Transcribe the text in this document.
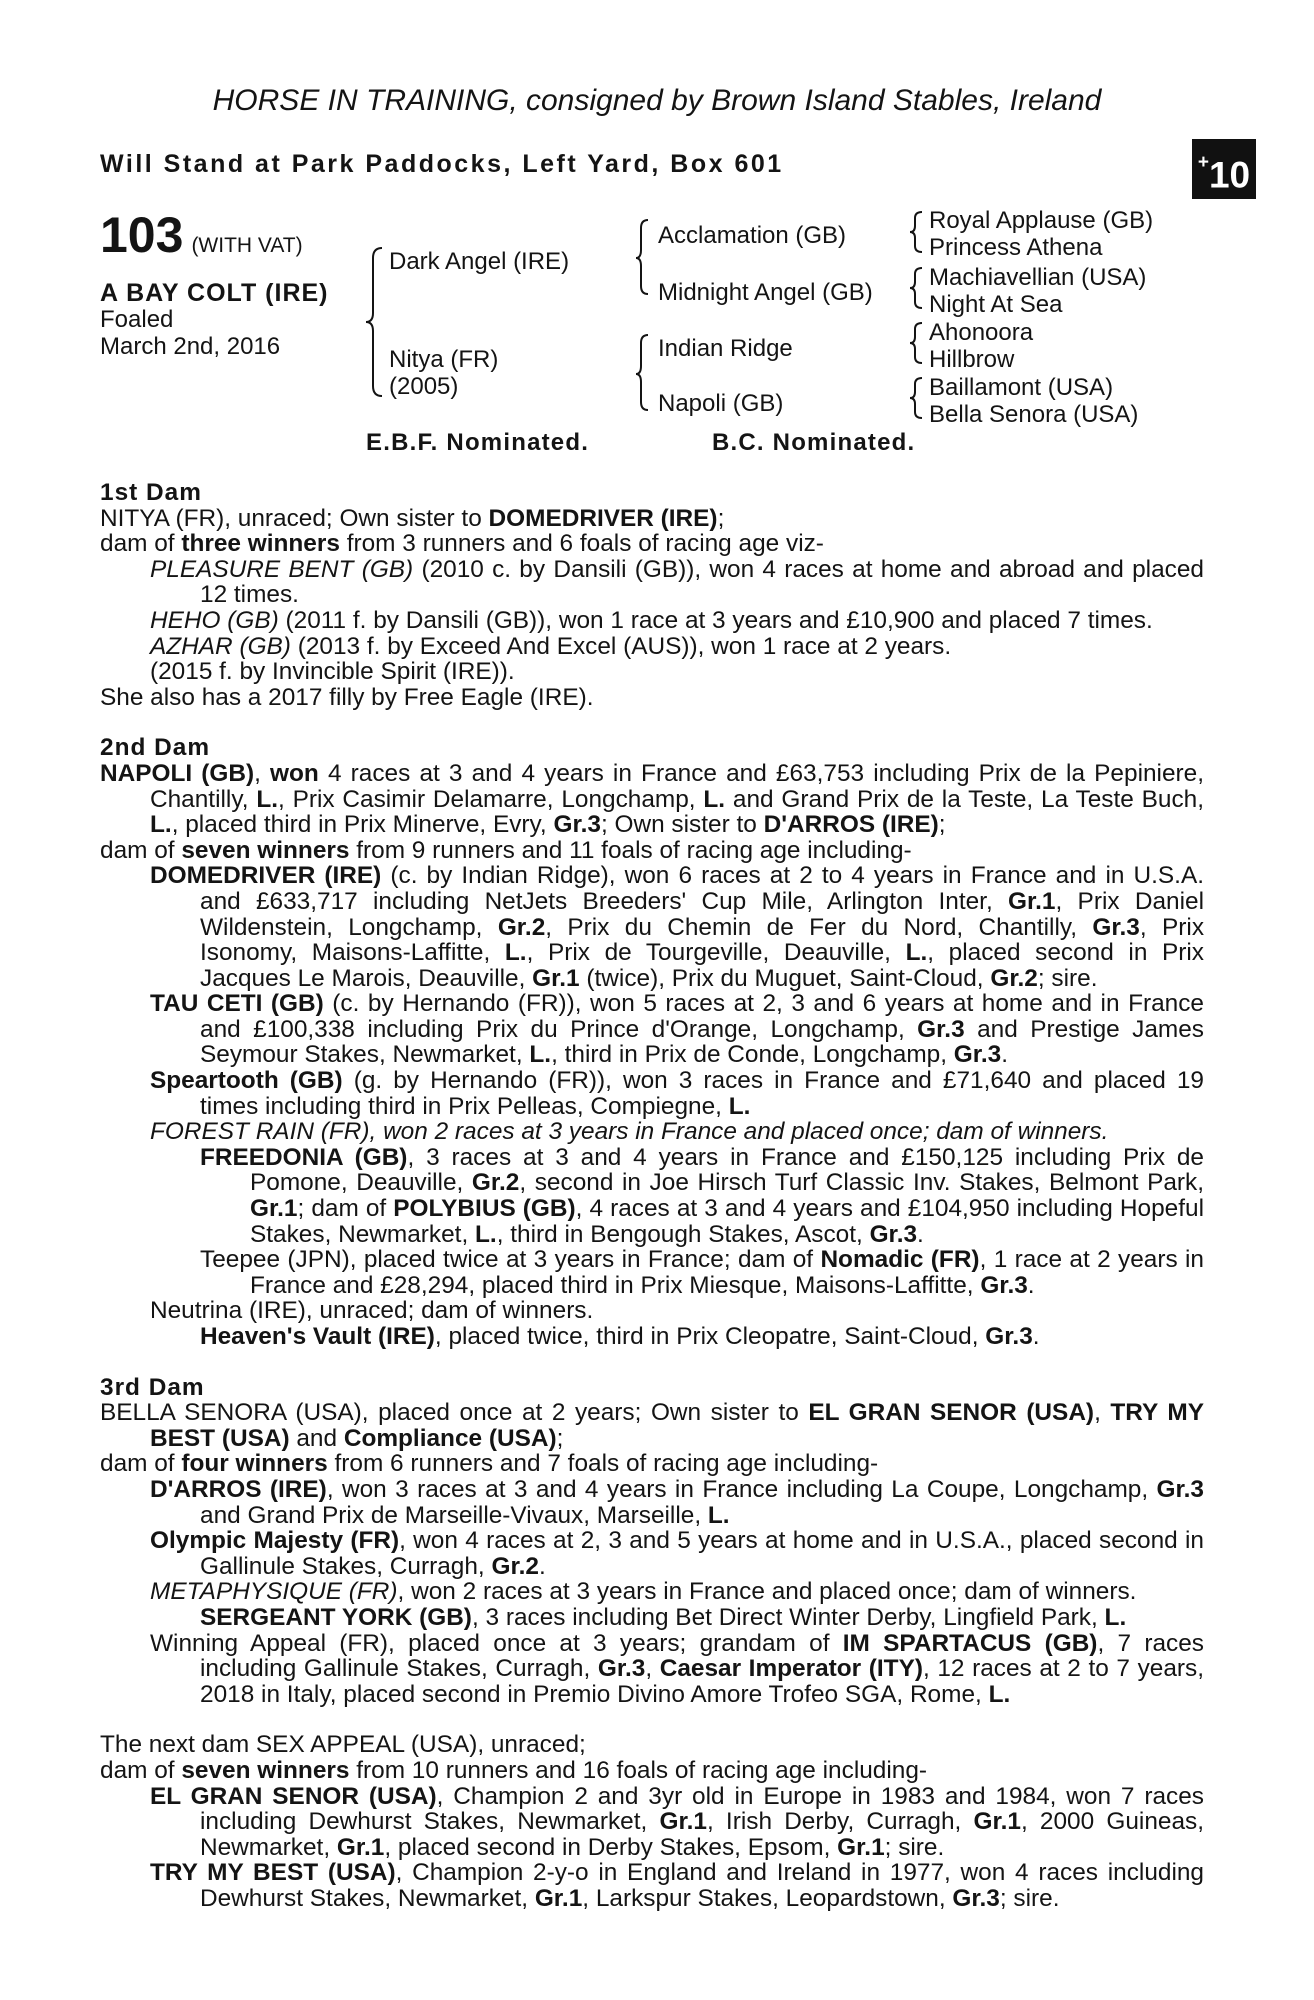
HORSE IN TRAINING, consigned by Brown Island Stables, Ireland
Will Stand at Park Paddocks, Left Yard, Box 601	+10
103 (WITH VAT)
A BAY COLT (IRE)
Foaled
March 2nd, 2016
Dark Angel (IRE)
Nitya (FR)
(2005)
Acclamation (GB)
Midnight Angel (GB)
Indian Ridge
Napoli (GB)
Royal Applause (GB)
Princess Athena
Machiavellian (USA)
Night At Sea
Ahonoora
Hillbrow
Baillamont (USA)
Bella Senora (USA)
E.B.F. Nominated.	B.C. Nominated.
1st Dam

NITYA (FR), unraced; Own sister to DOMEDRIVER (IRE);

dam of three winners from 3 runners and 6 foals of racing age viz-

PLEASURE BENT (GB) (2010 c. by Dansili (GB)), won 4 races at home and abroad and placed 12 times.

HEHO (GB) (2011 f. by Dansili (GB)), won 1 race at 3 years and £10,900 and placed 7 times.

AZHAR (GB) (2013 f. by Exceed And Excel (AUS)), won 1 race at 2 years.

(2015 f. by Invincible Spirit (IRE)).

She also has a 2017 filly by Free Eagle (IRE).

2nd Dam

NAPOLI (GB), won 4 races at 3 and 4 years in France and £63,753 including Prix de la Pepiniere, Chantilly, L., Prix Casimir Delamarre, Longchamp, L. and Grand Prix de la Teste, La Teste Buch, L., placed third in Prix Minerve, Evry, Gr.3; Own sister to D'ARROS (IRE);

dam of seven winners from 9 runners and 11 foals of racing age including-

DOMEDRIVER (IRE) (c. by Indian Ridge), won 6 races at 2 to 4 years in France and in U.S.A. and £633,717 including NetJets Breeders' Cup Mile, Arlington Inter, Gr.1, Prix Daniel Wildenstein, Longchamp, Gr.2, Prix du Chemin de Fer du Nord, Chantilly, Gr.3, Prix Isonomy, Maisons-Laffitte, L., Prix de Tourgeville, Deauville, L., placed second in Prix Jacques Le Marois, Deauville, Gr.1 (twice), Prix du Muguet, Saint-Cloud, Gr.2; sire.

TAU CETI (GB) (c. by Hernando (FR)), won 5 races at 2, 3 and 6 years at home and in France and £100,338 including Prix du Prince d'Orange, Longchamp, Gr.3 and Prestige James Seymour Stakes, Newmarket, L., third in Prix de Conde, Longchamp, Gr.3.

Speartooth (GB) (g. by Hernando (FR)), won 3 races in France and £71,640 and placed 19 times including third in Prix Pelleas, Compiegne, L.

FOREST RAIN (FR), won 2 races at 3 years in France and placed once; dam of winners.

FREEDONIA (GB), 3 races at 3 and 4 years in France and £150,125 including Prix de Pomone, Deauville, Gr.2, second in Joe Hirsch Turf Classic Inv. Stakes, Belmont Park, Gr.1; dam of POLYBIUS (GB), 4 races at 3 and 4 years and £104,950 including Hopeful Stakes, Newmarket, L., third in Bengough Stakes, Ascot, Gr.3.

Teepee (JPN), placed twice at 3 years in France; dam of Nomadic (FR), 1 race at 2 years in France and £28,294, placed third in Prix Miesque, Maisons-Laffitte, Gr.3.

Neutrina (IRE), unraced; dam of winners.

Heaven's Vault (IRE), placed twice, third in Prix Cleopatre, Saint-Cloud, Gr.3.

3rd Dam

BELLA SENORA (USA), placed once at 2 years; Own sister to EL GRAN SENOR (USA), TRY MY BEST (USA) and Compliance (USA);

dam of four winners from 6 runners and 7 foals of racing age including-

D'ARROS (IRE), won 3 races at 3 and 4 years in France including La Coupe, Longchamp, Gr.3 and Grand Prix de Marseille-Vivaux, Marseille, L.

Olympic Majesty (FR), won 4 races at 2, 3 and 5 years at home and in U.S.A., placed second in Gallinule Stakes, Curragh, Gr.2.

METAPHYSIQUE (FR), won 2 races at 3 years in France and placed once; dam of winners.

SERGEANT YORK (GB), 3 races including Bet Direct Winter Derby, Lingfield Park, L.

Winning Appeal (FR), placed once at 3 years; grandam of IM SPARTACUS (GB), 7 races including Gallinule Stakes, Curragh, Gr.3, Caesar Imperator (ITY), 12 races at 2 to 7 years, 2018 in Italy, placed second in Premio Divino Amore Trofeo SGA, Rome, L.

The next dam SEX APPEAL (USA), unraced;

dam of seven winners from 10 runners and 16 foals of racing age including-

EL GRAN SENOR (USA), Champion 2 and 3yr old in Europe in 1983 and 1984, won 7 races including Dewhurst Stakes, Newmarket, Gr.1, Irish Derby, Curragh, Gr.1, 2000 Guineas, Newmarket, Gr.1, placed second in Derby Stakes, Epsom, Gr.1; sire.

TRY MY BEST (USA), Champion 2-y-o in England and Ireland in 1977, won 4 races including Dewhurst Stakes, Newmarket, Gr.1, Larkspur Stakes, Leopardstown, Gr.3; sire.
